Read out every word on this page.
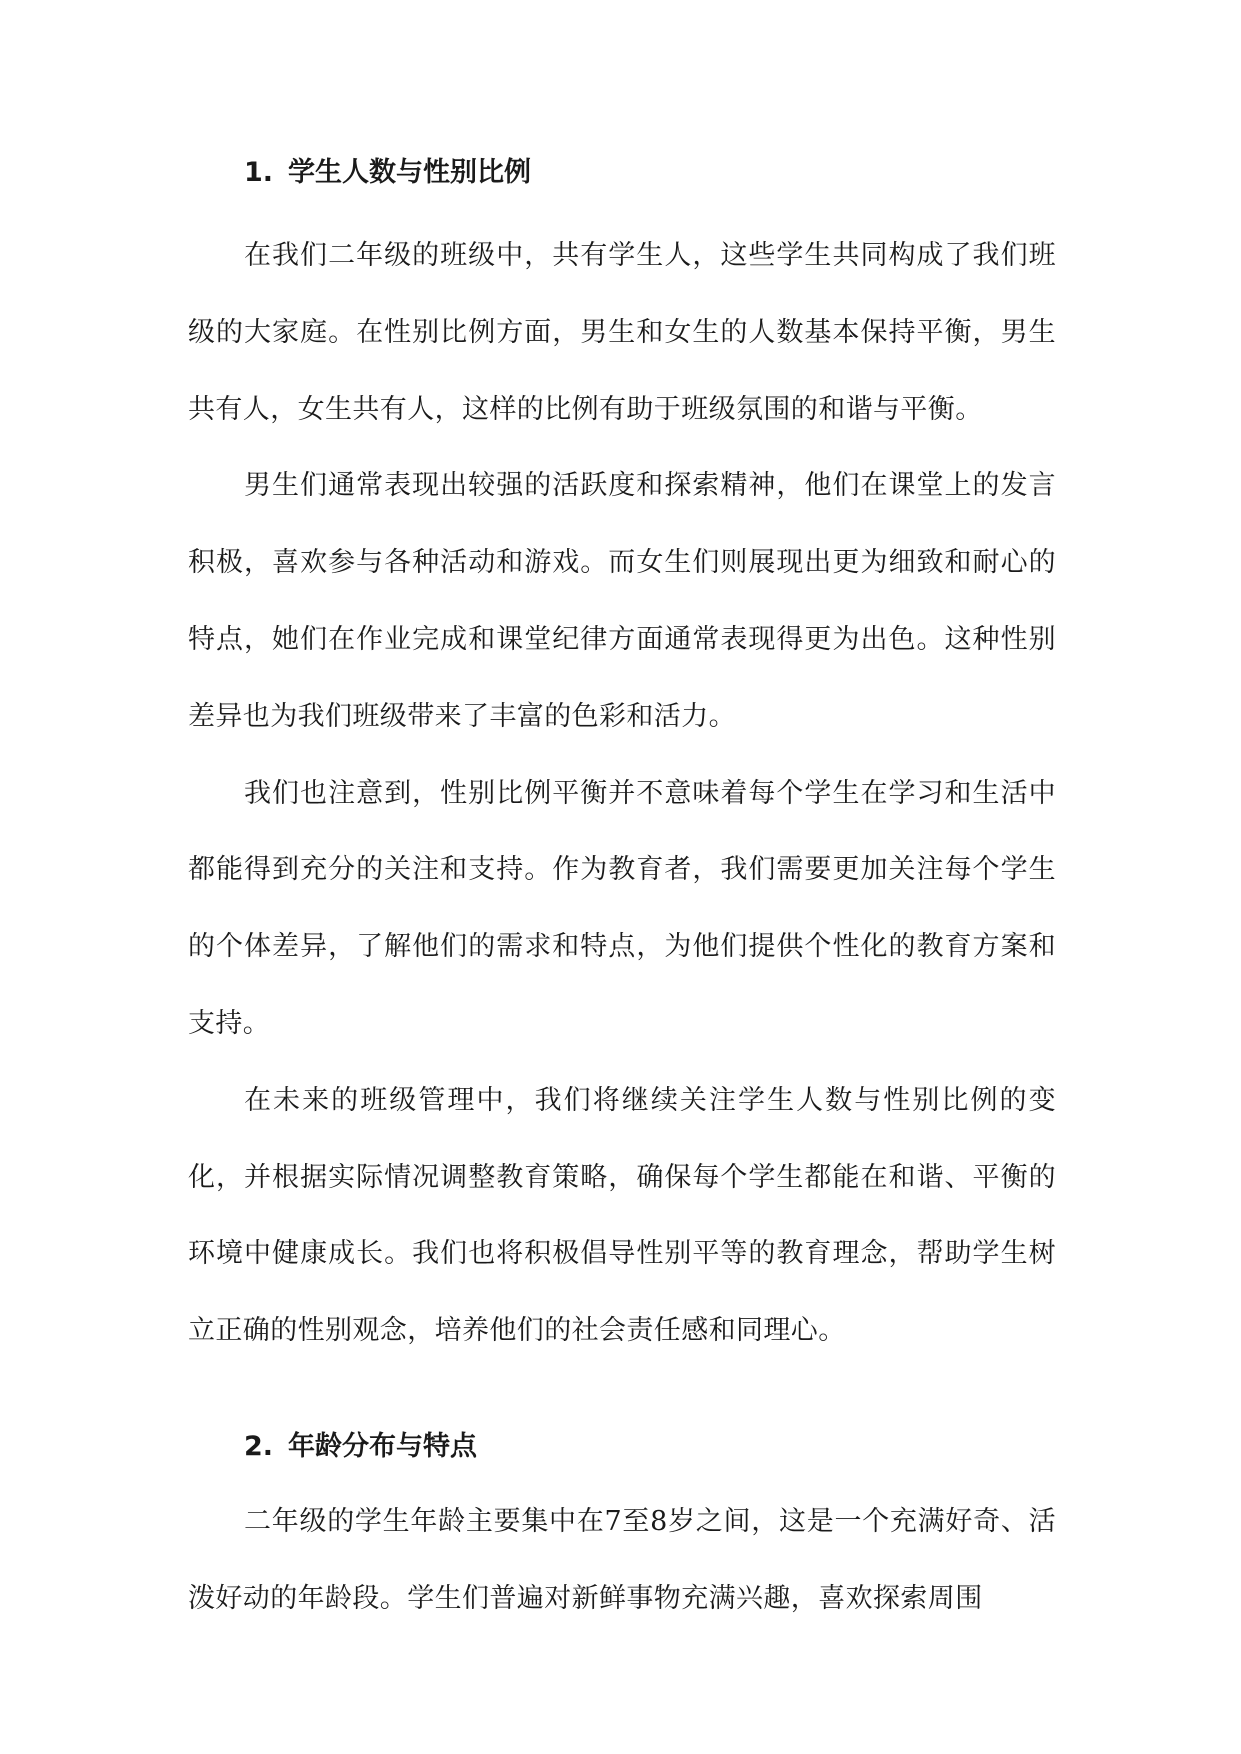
1. 学生人数与性别比例

在我们二年级的班级中，共有学生人，这些学生共同构成了我们班级的大家庭。在性别比例方面，男生和女生的人数基本保持平衡，男生共有人，女生共有人，这样的比例有助于班级氛围的和谐与平衡。

男生们通常表现出较强的活跃度和探索精神，他们在课堂上的发言积极，喜欢参与各种活动和游戏。而女生们则展现出更为细致和耐心的特点，她们在作业完成和课堂纪律方面通常表现得更为出色。这种性别差异也为我们班级带来了丰富的色彩和活力。

我们也注意到，性别比例平衡并不意味着每个学生在学习和生活中都能得到充分的关注和支持。作为教育者，我们需要更加关注每个学生的个体差异，了解他们的需求和特点，为他们提供个性化的教育方案和支持。

在未来的班级管理中，我们将继续关注学生人数与性别比例的变化，并根据实际情况调整教育策略，确保每个学生都能在和谐、平衡的环境中健康成长。我们也将积极倡导性别平等的教育理念，帮助学生树立正确的性别观念，培养他们的社会责任感和同理心。

2. 年龄分布与特点

二年级的学生年龄主要集中在7至8岁之间，这是一个充满好奇、活泼好动的年龄段。学生们普遍对新鲜事物充满兴趣，喜欢探索周围
